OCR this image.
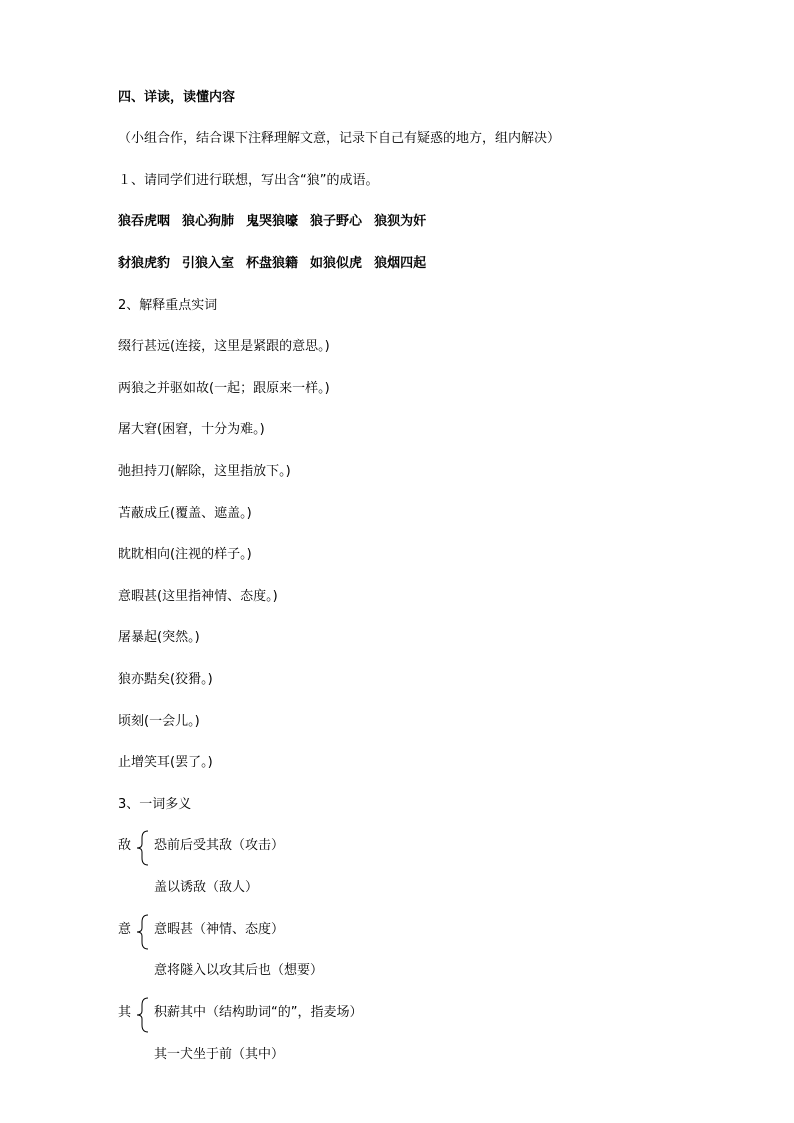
四、详读，读懂内容
（小组合作，结合课下注释理解文意，记录下自己有疑惑的地方，组内解决）
１、请同学们进行联想，写出含“狼”的成语。
狼吞虎咽 狼心狗肺 鬼哭狼嚎 狼子野心 狼狈为奸
豺狼虎豹 引狼入室 杯盘狼籍 如狼似虎 狼烟四起
2、解释重点实词
缀行甚远(连接，这里是紧跟的意思。)
两狼之并驱如故(一起；跟原来一样。)
屠大窘(困窘，十分为难。)
弛担持刀(解除，这里指放下。)
苫蔽成丘(覆盖、遮盖。)
眈眈相向(注视的样子。)
意暇甚(这里指神情、态度。)
屠暴起(突然。)
狼亦黠矣(狡猾。)
顷刻(一会儿。)
止增笑耳(罢了。)
3、一词多义
敌 恐前后受其敌（攻击）
盖以诱敌（敌人）
意 意暇甚（神情、态度）
意将隧入以攻其后也（想要）
其 积薪其中（结构助词“的”，指麦场）
其一犬坐于前（其中）
